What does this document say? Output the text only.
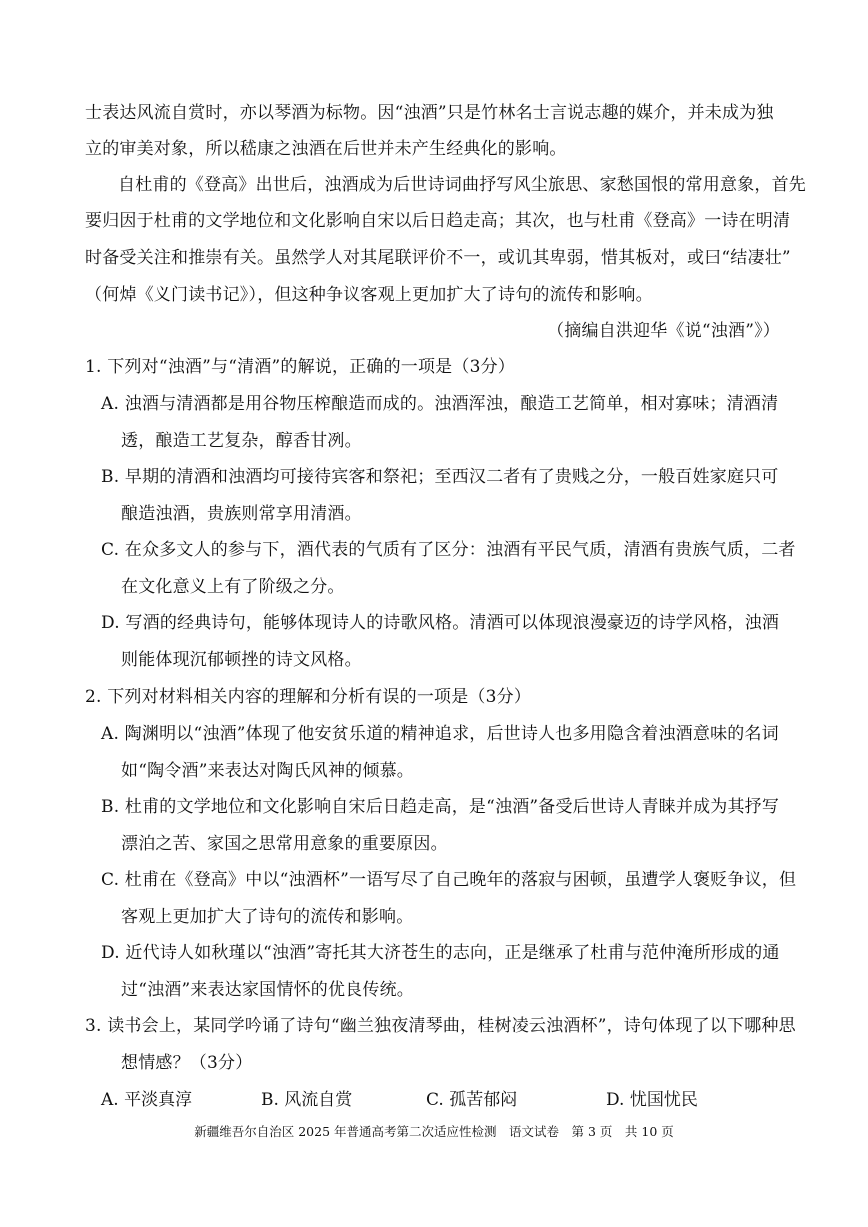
士表达风流自赏时，亦以琴酒为标物。因“浊酒”只是竹林名士言说志趣的媒介，并未成为独
立的审美对象，所以嵇康之浊酒在后世并未产生经典化的影响。
自杜甫的《登高》出世后，浊酒成为后世诗词曲抒写风尘旅思、家愁国恨的常用意象，首先
要归因于杜甫的文学地位和文化影响自宋以后日趋走高；其次，也与杜甫《登高》一诗在明清
时备受关注和推崇有关。虽然学人对其尾联评价不一，或讥其卑弱，惜其板对，或曰“结凄壮”
（何焯《义门读书记》），但这种争议客观上更加扩大了诗句的流传和影响。
（摘编自洪迎华《说“浊酒”》）
1. 下列对“浊酒”与“清酒”的解说，正确的一项是（3分）
A. 浊酒与清酒都是用谷物压榨酿造而成的。浊酒浑浊，酿造工艺简单，相对寡味；清酒清
透，酿造工艺复杂，醇香甘冽。
B. 早期的清酒和浊酒均可接待宾客和祭祀；至西汉二者有了贵贱之分，一般百姓家庭只可
酿造浊酒，贵族则常享用清酒。
C. 在众多文人的参与下，酒代表的气质有了区分：浊酒有平民气质，清酒有贵族气质，二者
在文化意义上有了阶级之分。
D. 写酒的经典诗句，能够体现诗人的诗歌风格。清酒可以体现浪漫豪迈的诗学风格，浊酒
则能体现沉郁顿挫的诗文风格。
2. 下列对材料相关内容的理解和分析有误的一项是（3分）
A. 陶渊明以“浊酒”体现了他安贫乐道的精神追求，后世诗人也多用隐含着浊酒意味的名词
如“陶令酒”来表达对陶氏风神的倾慕。
B. 杜甫的文学地位和文化影响自宋后日趋走高，是“浊酒”备受后世诗人青睐并成为其抒写
漂泊之苦、家国之思常用意象的重要原因。
C. 杜甫在《登高》中以“浊酒杯”一语写尽了自己晚年的落寂与困顿，虽遭学人褒贬争议，但
客观上更加扩大了诗句的流传和影响。
D. 近代诗人如秋瑾以“浊酒”寄托其大济苍生的志向，正是继承了杜甫与范仲淹所形成的通
过“浊酒”来表达家国情怀的优良传统。
3. 读书会上，某同学吟诵了诗句“幽兰独夜清琴曲，桂树凌云浊酒杯”，诗句体现了以下哪种思
想情感？（3分）
A. 平淡真淳	B. 风流自赏	C. 孤苦郁闷	D. 忧国忧民
新疆维吾尔自治区 2025 年普通高考第二次适应性检测　语文试卷　第 3 页　共 10 页
